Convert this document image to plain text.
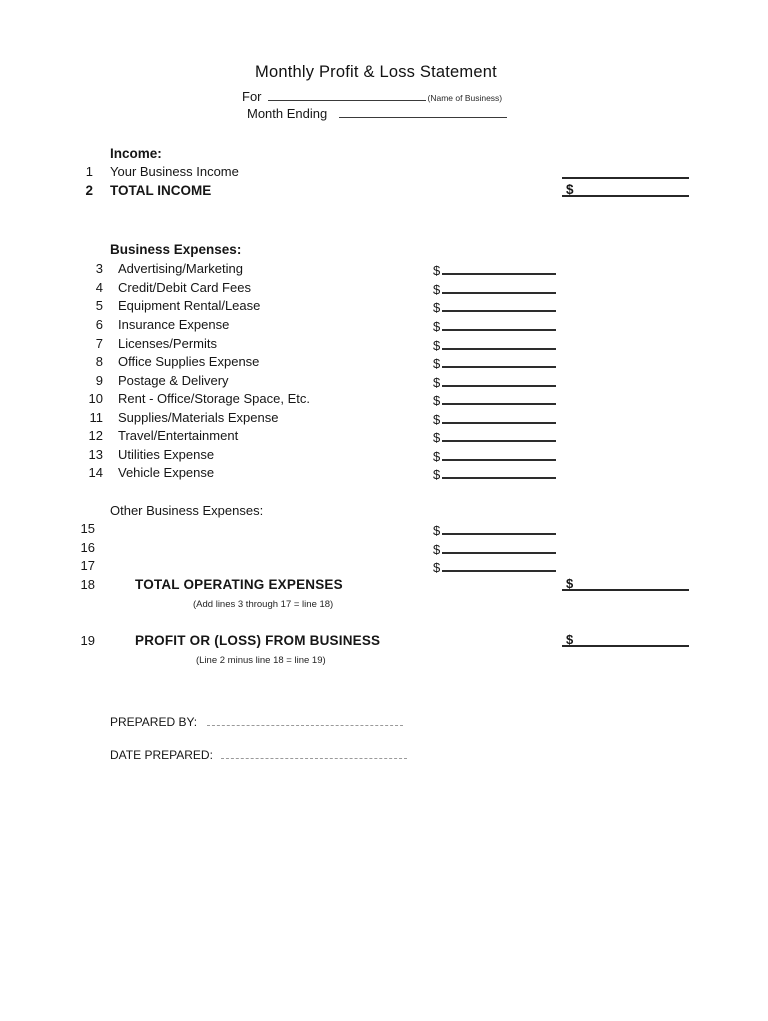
Monthly Profit & Loss Statement
For	(Name of Business)
Month Ending
Income:
1 Your Business Income
2 TOTAL INCOME	$
Business Expenses:
3 Advertising/Marketing	$
4 Credit/Debit Card Fees	$
5 Equipment Rental/Lease	$
6 Insurance Expense	$
7 Licenses/Permits	$
8 Office Supplies Expense	$
9 Postage & Delivery	$
10 Rent - Office/Storage Space, Etc.	$
11 Supplies/Materials Expense	$
12 Travel/Entertainment	$
13 Utilities Expense	$
14 Vehicle Expense	$
Other Business Expenses:
15	$
16	$
17	$
18	TOTAL OPERATING EXPENSES	$
(Add lines 3 through 17 = line 18)
19	PROFIT OR (LOSS) FROM BUSINESS	$
(Line 2 minus line 18 = line 19)
PREPARED BY:
DATE PREPARED:
